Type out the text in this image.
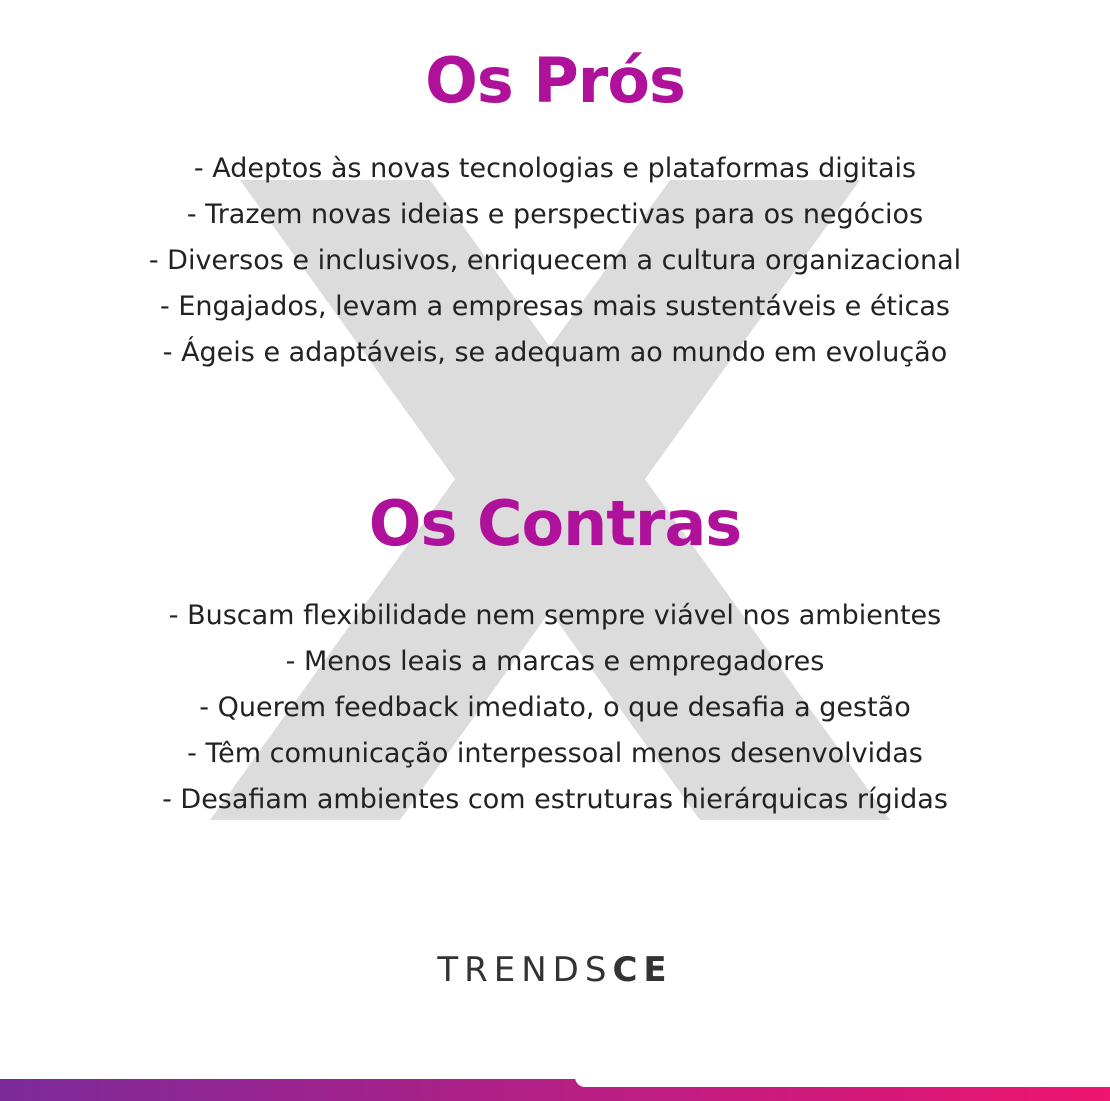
Os Prós
- Adeptos às novas tecnologias e plataformas digitais
- Trazem novas ideias e perspectivas para os negócios
- Diversos e inclusivos, enriquecem a cultura organizacional
- Engajados, levam a empresas mais sustentáveis e éticas
- Ágeis e adaptáveis, se adequam ao mundo em evolução
Os Contras
- Buscam flexibilidade nem sempre viável nos ambientes
- Menos leais a marcas e empregadores
- Querem feedback imediato, o que desafia a gestão
- Têm comunicação interpessoal menos desenvolvidas
- Desafiam ambientes com estruturas hierárquicas rígidas
TRENDSCE
